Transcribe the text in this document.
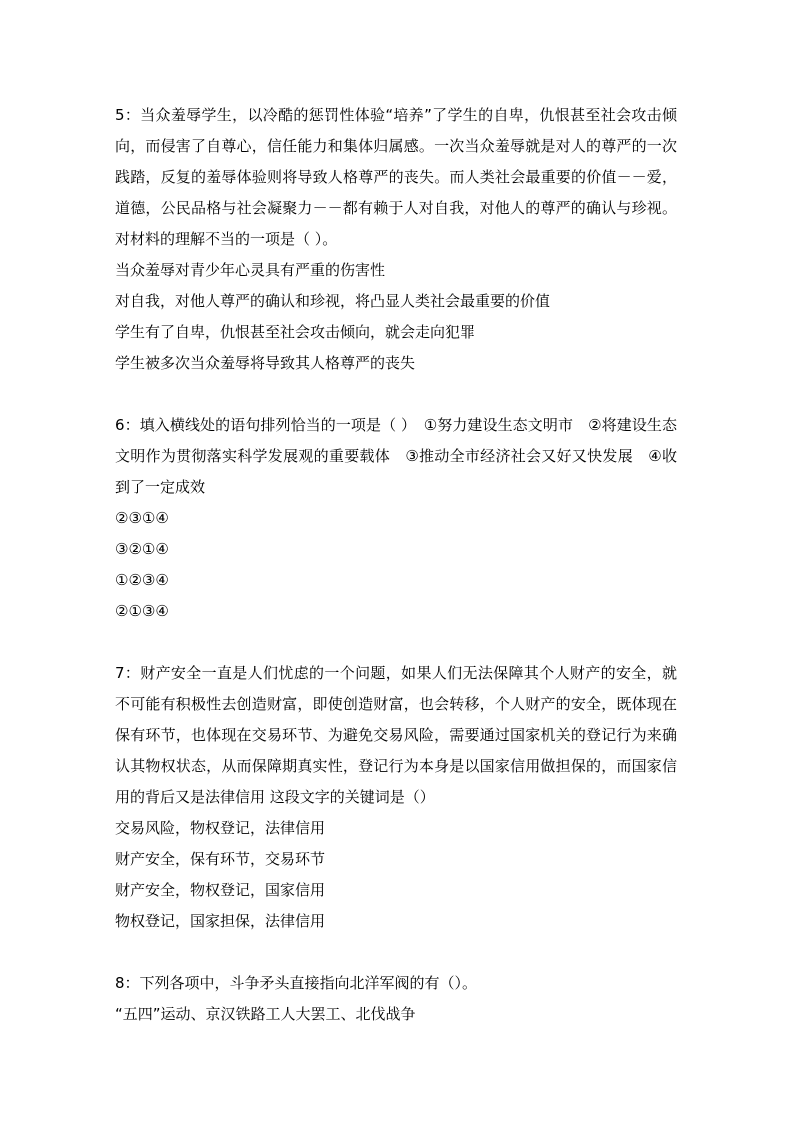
5：当众羞辱学生，以冷酷的惩罚性体验“培养”了学生的自卑，仇恨甚至社会攻击倾向，而侵害了自尊心，信任能力和集体归属感。一次当众羞辱就是对人的尊严的一次践踏，反复的羞辱体验则将导致人格尊严的丧失。而人类社会最重要的价值－－爱，道德，公民品格与社会凝聚力－－都有赖于人对自我，对他人的尊严的确认与珍视。对材料的理解不当的一项是（ ）。

当众羞辱对青少年心灵具有严重的伤害性

对自我，对他人尊严的确认和珍视，将凸显人类社会最重要的价值

学生有了自卑，仇恨甚至社会攻击倾向，就会走向犯罪

学生被多次当众羞辱将导致其人格尊严的丧失

6：填入横线处的语句排列恰当的一项是（ ）　①努力建设生态文明市　②将建设生态文明作为贯彻落实科学发展观的重要载体　③推动全市经济社会又好又快发展　④收到了一定成效

②③①④

③②①④

①②③④

②①③④

7：财产安全一直是人们忧虑的一个问题，如果人们无法保障其个人财产的安全，就不可能有积极性去创造财富，即使创造财富，也会转移，个人财产的安全，既体现在保有环节，也体现在交易环节、为避免交易风险，需要通过国家机关的登记行为来确认其物权状态，从而保障期真实性，登记行为本身是以国家信用做担保的，而国家信用的背后又是法律信用 这段文字的关键词是（）

交易风险，物权登记，法律信用

财产安全，保有环节，交易环节

财产安全，物权登记，国家信用

物权登记，国家担保，法律信用

8：下列各项中，斗争矛头直接指向北洋军阀的有（）。

“五四”运动、京汉铁路工人大罢工、北伐战争
